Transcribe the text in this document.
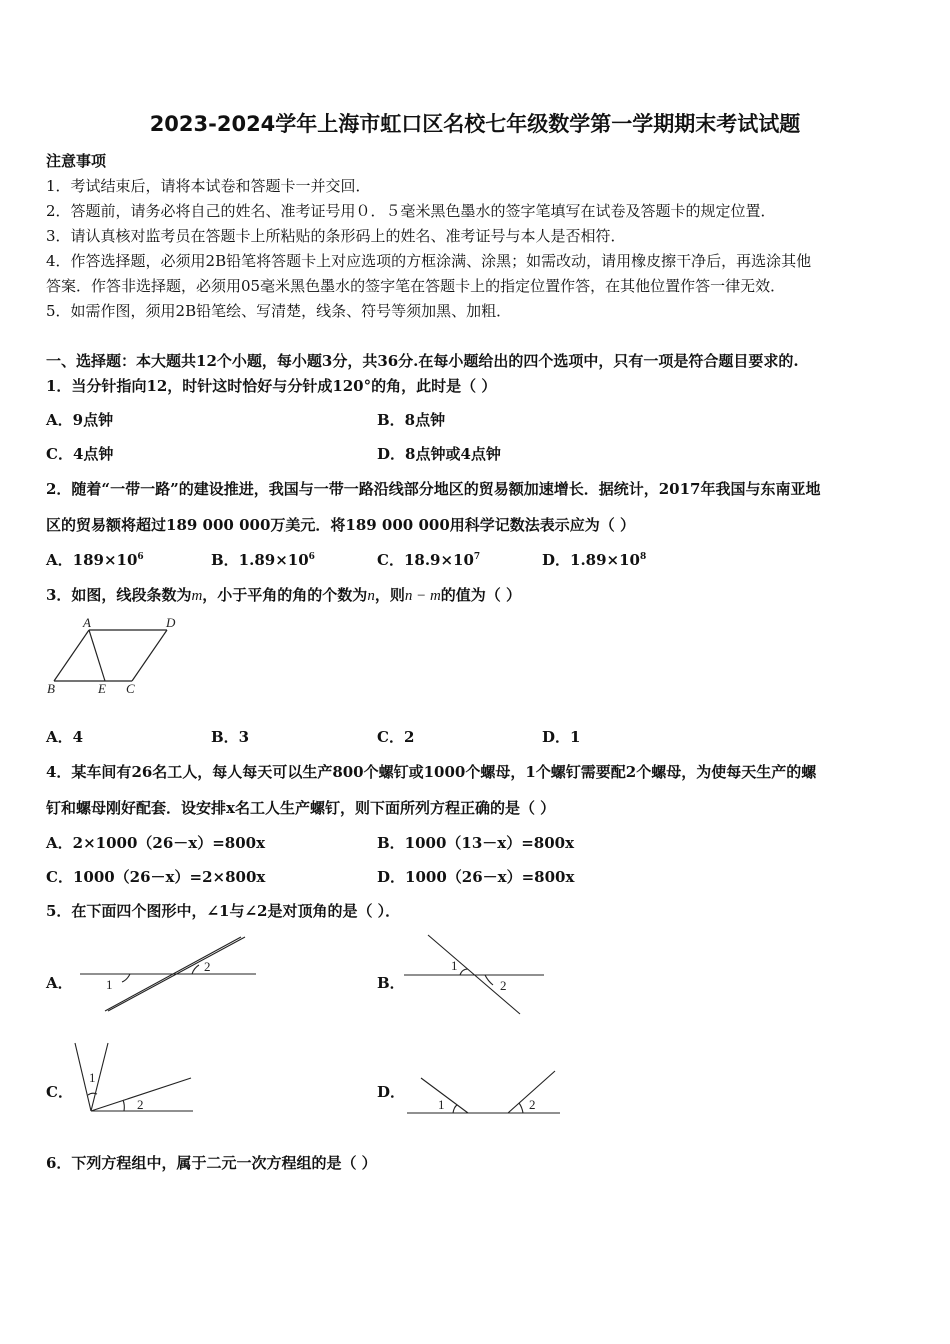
2023-2024学年上海市虹口区名校七年级数学第一学期期末考试试题
注意事项
1．考试结束后，请将本试卷和答题卡一并交回．
2．答题前，请务必将自己的姓名、准考证号用０．５毫米黑色墨水的签字笔填写在试卷及答题卡的规定位置．
3．请认真核对监考员在答题卡上所粘贴的条形码上的姓名、准考证号与本人是否相符．
4．作答选择题，必须用2B铅笔将答题卡上对应选项的方框涂满、涂黑；如需改动，请用橡皮擦干净后，再选涂其他
答案．作答非选择题，必须用05毫米黑色墨水的签字笔在答题卡上的指定位置作答，在其他位置作答一律无效．
5．如需作图，须用2B铅笔绘、写清楚，线条、符号等须加黑、加粗．
一、选择题：本大题共12个小题，每小题3分，共36分.在每小题给出的四个选项中，只有一项是符合题目要求的.
1．当分针指向12，时针这时恰好与分针成120°的角，此时是（ ）
A．9点钟	B．8点钟
C．4点钟	D．8点钟或4点钟
2．随着“一带一路”的建设推进，我国与一带一路沿线部分地区的贸易额加速增长．据统计，2017年我国与东南亚地
区的贸易额将超过189 000 000万美元．将189 000 000用科学记数法表示应为（ ）
A．$189\times 10^6$	B．$1.89\times 10^6$	C．$18.9\times 10^7$	D．$1.89\times 10^8$
3．如图，线段条数为m，小于平角的角的个数为n，则n − m的值为（ ）
A	D
B	E C
A．4	B．3	C．2	D．1
4．某车间有26名工人，每人每天可以生产800个螺钉或1000个螺母，1个螺钉需要配2个螺母，为使每天生产的螺
钉和螺母刚好配套．设安排x名工人生产螺钉，则下面所列方程正确的是（ ）
A．2×1000（26－x）=800x	B．1000（13－x）=800x
C．1000（26－x）=2×800x	D．1000（26－x）=800x
5．在下面四个图形中，∠1与∠2是对顶角的是（ ）．
A．	1
2
B．
1
2
C．
1
2
D．
1	2
6．下列方程组中，属于二元一次方程组的是（ ）
